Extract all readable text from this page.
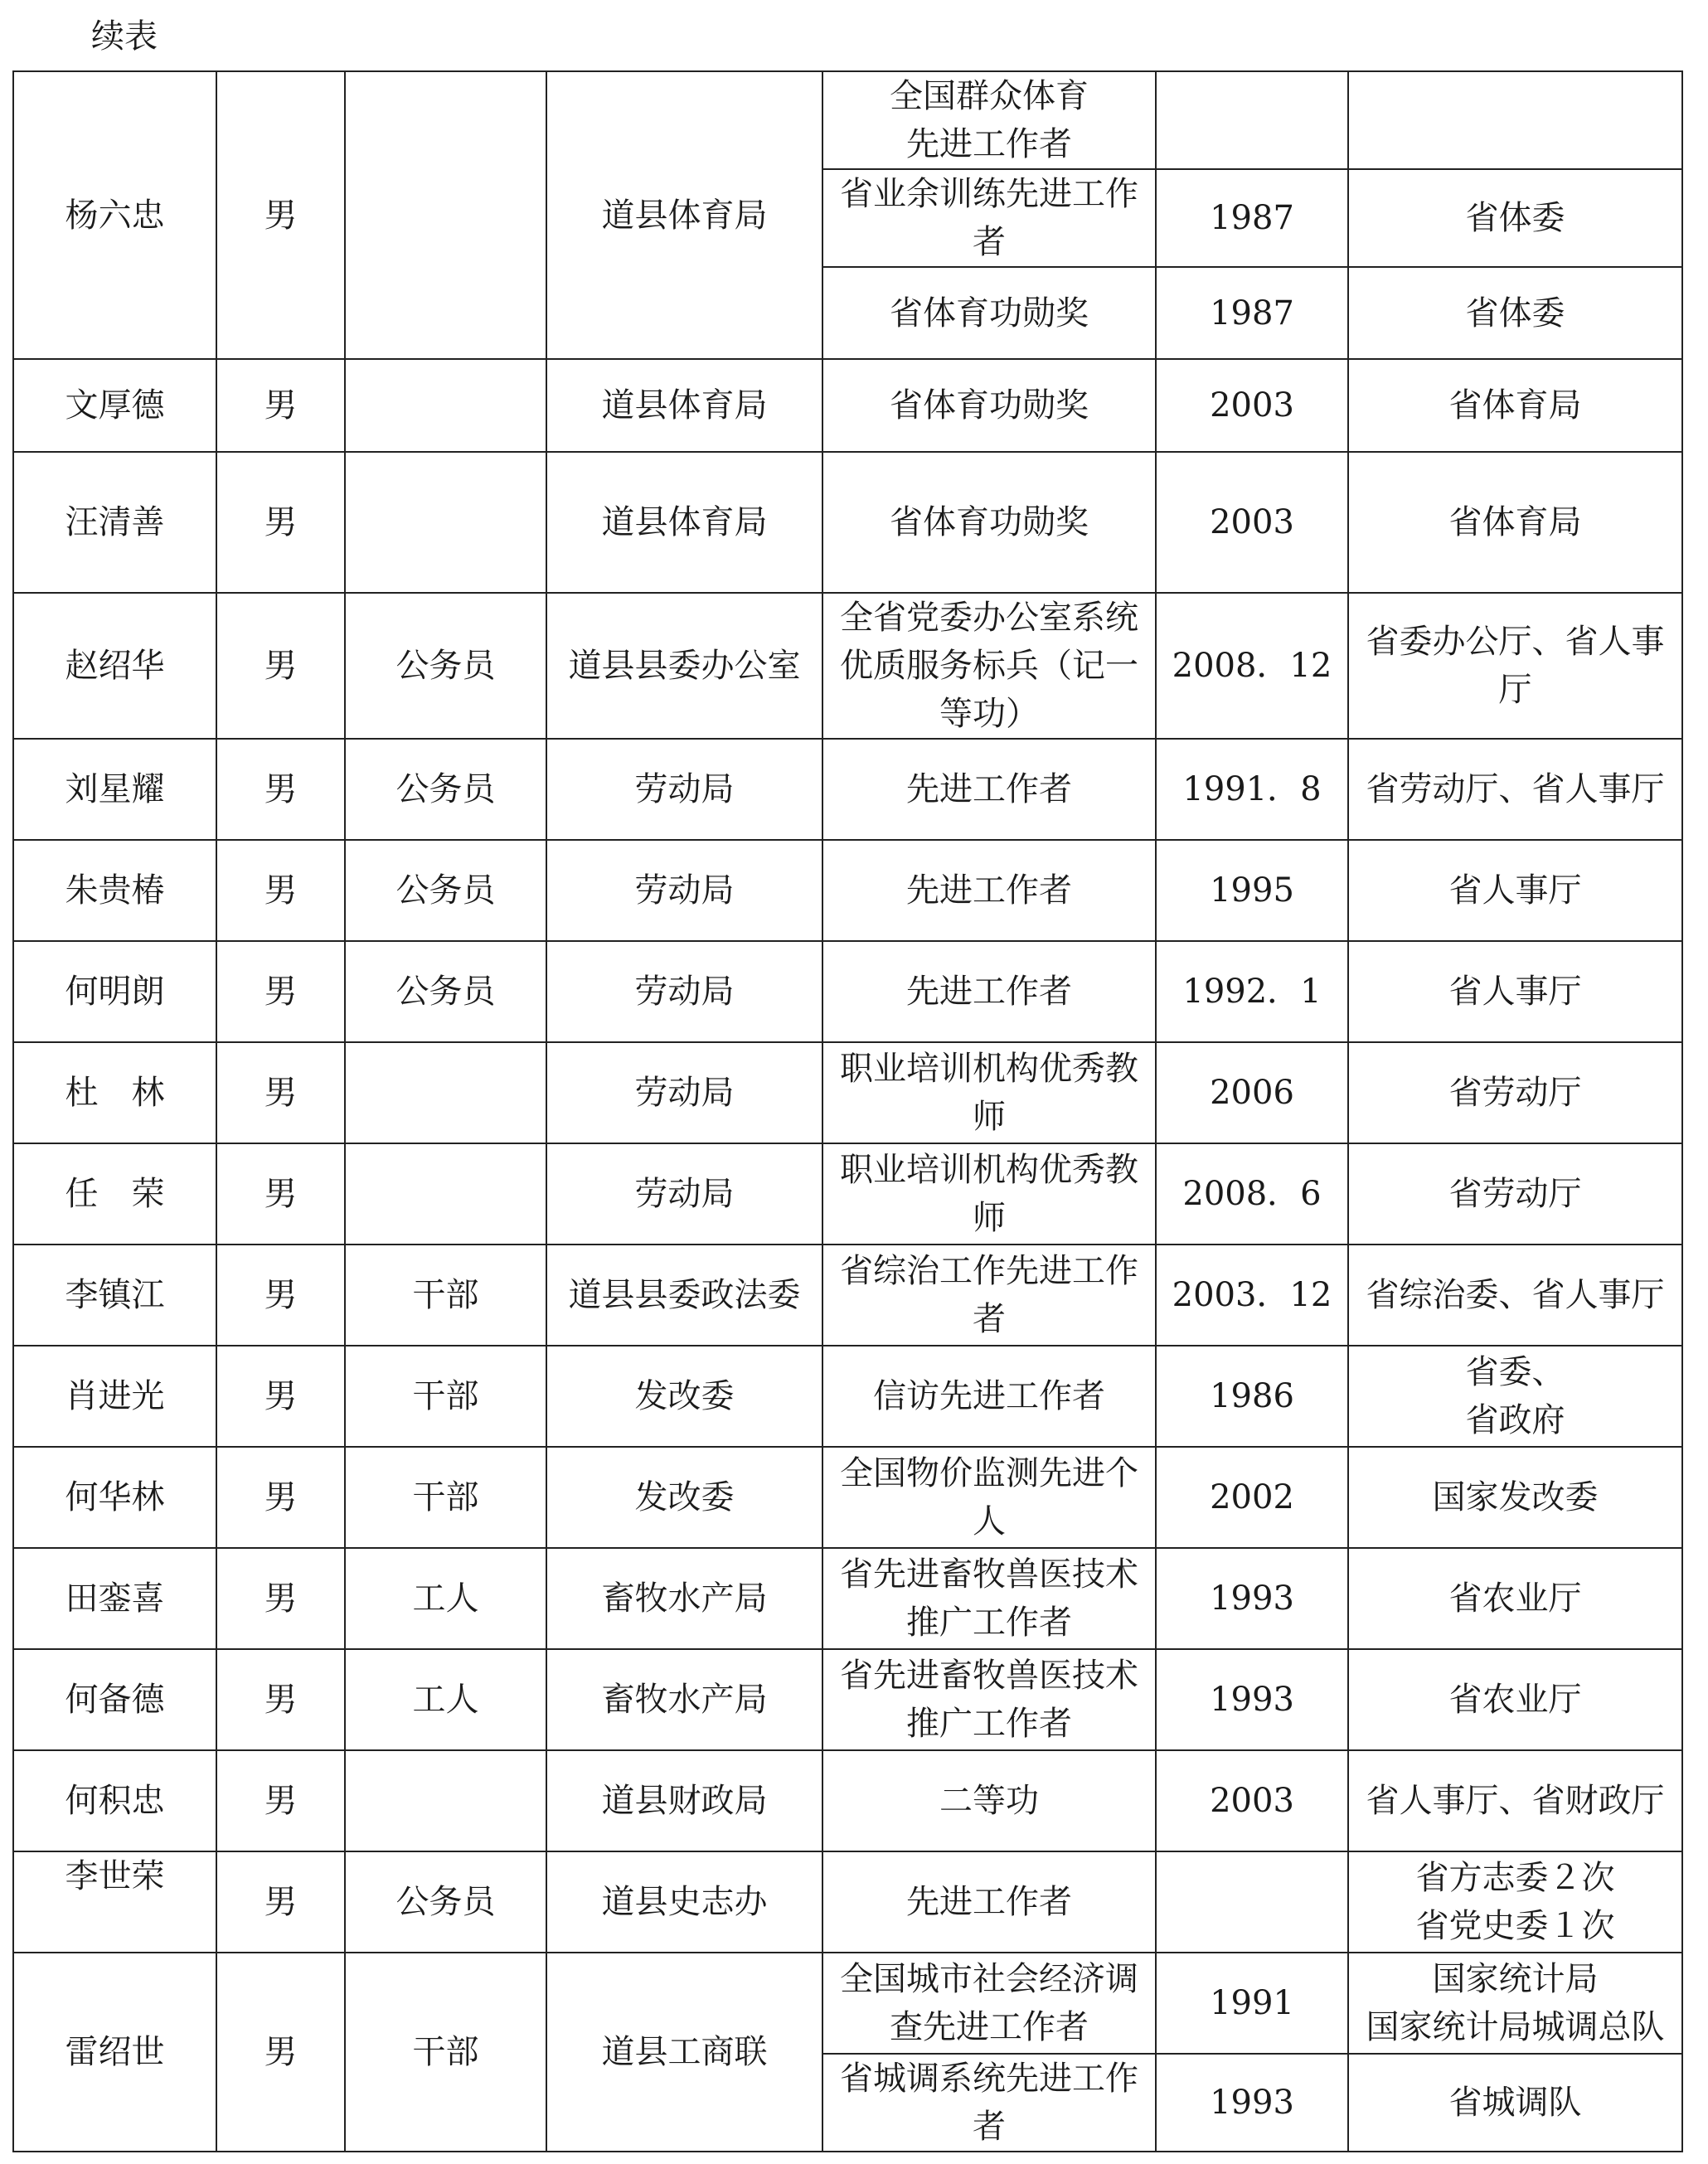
续表
杨六忠	男		道县体育局	全国群众体育
先进工作者		
				省业余训练先进工作
者	1987	省体委
				省体育功勋奖	1987	省体委
文厚德	男		道县体育局	省体育功勋奖	2003	省体育局
汪清善	男		道县体育局	省体育功勋奖	2003	省体育局
赵绍华	男	公务员	道县县委办公室	全省党委办公室系统
优质服务标兵（记一
等功）	2008．12	省委办公厅、省人事
厅
刘星耀	男	公务员	劳动局	先进工作者	1991．8	省劳动厅、省人事厅
朱贵椿	男	公务员	劳动局	先进工作者	1995	省人事厅
何明朗	男	公务员	劳动局	先进工作者	1992．1	省人事厅
杜　林	男		劳动局	职业培训机构优秀教
师	2006	省劳动厅
任　荣	男		劳动局	职业培训机构优秀教
师	2008．6	省劳动厅
李镇江	男	干部	道县县委政法委	省综治工作先进工作
者	2003．12	省综治委、省人事厅
肖进光	男	干部	发改委	信访先进工作者	1986	省委、
省政府
何华林	男	干部	发改委	全国物价监测先进个
人	2002	国家发改委
田銮喜	男	工人	畜牧水产局	省先进畜牧兽医技术
推广工作者	1993	省农业厅
何备德	男	工人	畜牧水产局	省先进畜牧兽医技术
推广工作者	1993	省农业厅
何积忠	男		道县财政局	二等功	2003	省人事厅、省财政厅
李世荣	男	公务员	道县史志办	先进工作者		省方志委２次
省党史委１次
雷绍世	男	干部	道县工商联	全国城市社会经济调
查先进工作者	1991	国家统计局
国家统计局城调总队
				省城调系统先进工作
者	1993	省城调队
